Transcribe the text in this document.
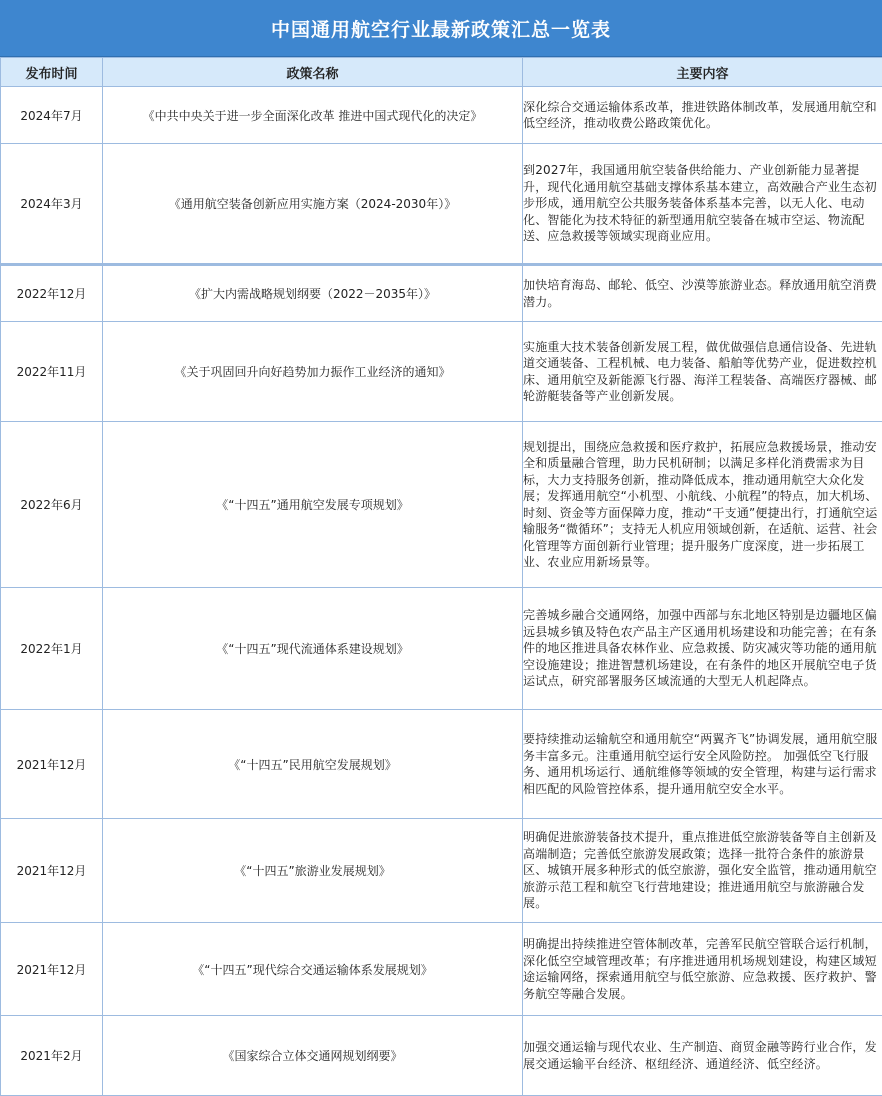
中国通用航空行业最新政策汇总一览表
发布时间	政策名称	主要内容
2024年7月	《中共中央关于进一步全面深化改革 推进中国式现代化的决定》	深化综合交通运输体系改革，推进铁路体制改革，发展通用航空和低空经济，推动收费公路政策优化。
2024年3月	《通用航空装备创新应用实施方案（2024-2030年）》	到2027年，我国通用航空装备供给能力、产业创新能力显著提升，现代化通用航空基础支撑体系基本建立，高效融合产业生态初步形成，通用航空公共服务装备体系基本完善，以无人化、电动化、智能化为技术特征的新型通用航空装备在城市空运、物流配送、应急救援等领域实现商业应用。
2022年12月	《扩大内需战略规划纲要（2022－2035年）》	加快培育海岛、邮轮、低空、沙漠等旅游业态。释放通用航空消费潜力。
2022年11月	《关于巩固回升向好趋势加力振作工业经济的通知》	实施重大技术装备创新发展工程，做优做强信息通信设备、先进轨道交通装备、工程机械、电力装备、船舶等优势产业，促进数控机床、通用航空及新能源飞行器、海洋工程装备、高端医疗器械、邮轮游艇装备等产业创新发展。
2022年6月	《“十四五”通用航空发展专项规划》	规划提出，围绕应急救援和医疗救护，拓展应急救援场景，推动安全和质量融合管理，助力民机研制；以满足多样化消费需求为目标，大力支持服务创新，推动降低成本，推动通用航空大众化发展；发挥通用航空“小机型、小航线、小航程”的特点，加大机场、时刻、资金等方面保障力度，推动“干支通”便捷出行，打通航空运输服务“微循环”；支持无人机应用领域创新，在适航、运营、社会化管理等方面创新行业管理；提升服务广度深度，进一步拓展工业、农业应用新场景等。
2022年1月	《“十四五”现代流通体系建设规划》	完善城乡融合交通网络，加强中西部与东北地区特别是边疆地区偏远县城乡镇及特色农产品主产区通用机场建设和功能完善；在有条件的地区推进具备农林作业、应急救援、防灾减灾等功能的通用航空设施建设；推进智慧机场建设，在有条件的地区开展航空电子货运试点，研究部署服务区域流通的大型无人机起降点。
2021年12月	《“十四五”民用航空发展规划》	要持续推动运输航空和通用航空“两翼齐飞”协调发展，通用航空服务丰富多元。注重通用航空运行安全风险防控。 加强低空飞行服务、通用机场运行、通航维修等领域的安全管理，构建与运行需求相匹配的风险管控体系，提升通用航空安全水平。
2021年12月	《“十四五”旅游业发展规划》	明确促进旅游装备技术提升，重点推进低空旅游装备等自主创新及高端制造；完善低空旅游发展政策；选择一批符合条件的旅游景区、城镇开展多种形式的低空旅游，强化安全监管，推动通用航空旅游示范工程和航空飞行营地建设；推进通用航空与旅游融合发展。
2021年12月	《“十四五”现代综合交通运输体系发展规划》	明确提出持续推进空管体制改革，完善军民航空管联合运行机制，深化低空空域管理改革；有序推进通用机场规划建设，构建区域短途运输网络，探索通用航空与低空旅游、应急救援、医疗救护、警务航空等融合发展。
2021年2月	《国家综合立体交通网规划纲要》	加强交通运输与现代农业、生产制造、商贸金融等跨行业合作，发展交通运输平台经济、枢纽经济、通道经济、低空经济。
